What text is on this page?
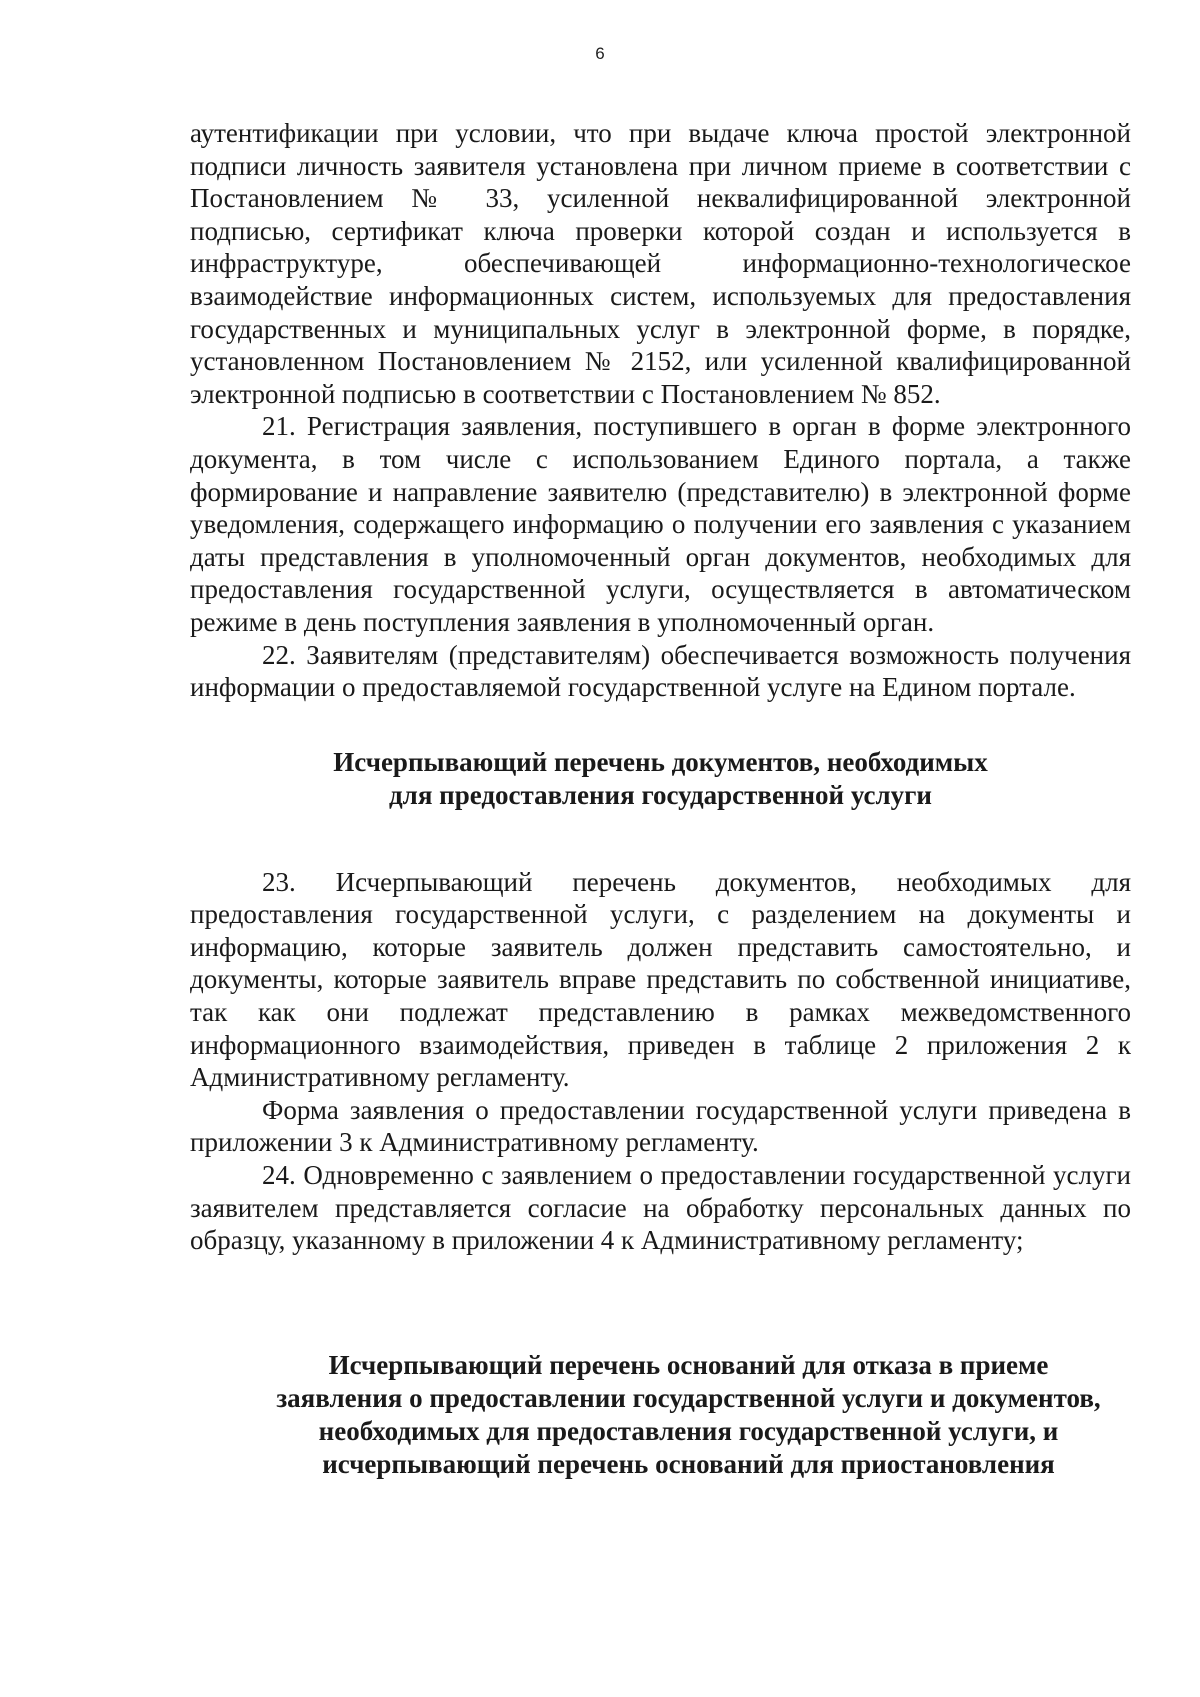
6

аутентификации при условии, что при выдаче ключа простой электронной подписи личность заявителя установлена при личном приеме в соответствии с Постановлением № 33, усиленной неквалифицированной электронной подписью, сертификат ключа проверки которой создан и используется в инфраструктуре, обеспечивающей информационно-технологическое взаимодействие информационных систем, используемых для предоставления государственных и муниципальных услуг в электронной форме, в порядке, установленном Постановлением № 2152, или усиленной квалифицированной электронной подписью в соответствии с Постановлением № 852.

21. Регистрация заявления, поступившего в орган в форме электронного документа, в том числе с использованием Единого портала, а также формирование и направление заявителю (представителю) в электронной форме уведомления, содержащего информацию о получении его заявления с указанием даты представления в уполномоченный орган документов, необходимых для предоставления государственной услуги, осуществляется в автоматическом режиме в день поступления заявления в уполномоченный орган.

22. Заявителям (представителям) обеспечивается возможность получения информации о предоставляемой государственной услуге на Едином портале.

Исчерпывающий перечень документов, необходимых
для предоставления государственной услуги

23. Исчерпывающий перечень документов, необходимых для предоставления государственной услуги, с разделением на документы и информацию, которые заявитель должен представить самостоятельно, и документы, которые заявитель вправе представить по собственной инициативе, так как они подлежат представлению в рамках межведомственного информационного взаимодействия, приведен в таблице 2 приложения 2 к Административному регламенту.

Форма заявления о предоставлении государственной услуги приведена в приложении 3 к Административному регламенту.

24. Одновременно с заявлением о предоставлении государственной услуги заявителем представляется согласие на обработку персональных данных по образцу, указанному в приложении 4 к Административному регламенту;

Исчерпывающий перечень оснований для отказа в приеме
заявления о предоставлении государственной услуги и документов,
необходимых для предоставления государственной услуги, и
исчерпывающий перечень оснований для приостановления
